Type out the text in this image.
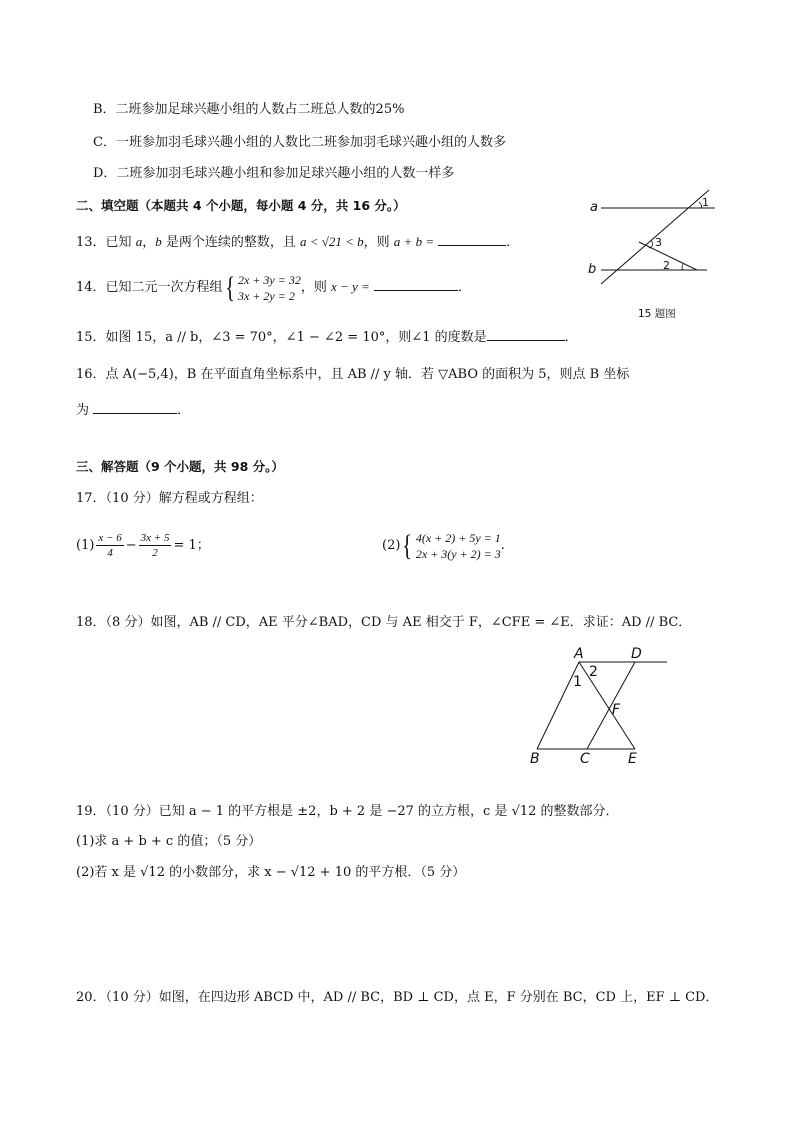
B．二班参加足球兴趣小组的人数占二班总人数的25%
C．一班参加羽毛球兴趣小组的人数比二班参加羽毛球兴趣小组的人数多
D．二班参加羽毛球兴趣小组和参加足球兴趣小组的人数一样多
二、填空题（本题共 4 个小题，每小题 4 分，共 16 分。）
13．已知 a，b 是两个连续的整数，且 a < √21 < b，则 a + b =	．
14．已知二元一次方程组 { 2x + 3y = 32
3x + 2y = 2
，则 x − y =	．
15．如图 15，a // b，∠3 = 70°，∠1 − ∠2 = 10°，则∠1 的度数是	．
16．点 A(−5,4)，B 在平面直角坐标系中，且 AB // y 轴．若 ▽ABO 的面积为 5，则点 B 坐标
为	．
a
b
1
3
2
15 题图
三、解答题（9 个小题，共 98 分。）
17．（10 分）解方程或方程组：
$(1) \frac{x - 6}{4} - \frac{3x + 5}{2} = 1$；	(2) { 4(x + 2) + 5y = 1
2x + 3(y + 2) = 3
.
18．（8 分）如图，AB // CD，AE 平分∠BAD，CD 与 AE 相交于 F，∠CFE = ∠E．求证：AD // BC．
A	D
2
1
F
B	C	E
19．（10 分）已知 a − 1 的平方根是 ±2，b + 2 是 −27 的立方根，c 是 √12 的整数部分．
(1)求 a + b + c 的值；（5 分）
(2)若 x 是 √12 的小数部分，求 x − √12 + 10 的平方根．（5 分）
20．（10 分）如图，在四边形 ABCD 中，AD // BC，BD ⊥ CD，点 E，F 分别在 BC，CD 上，EF ⊥ CD．
